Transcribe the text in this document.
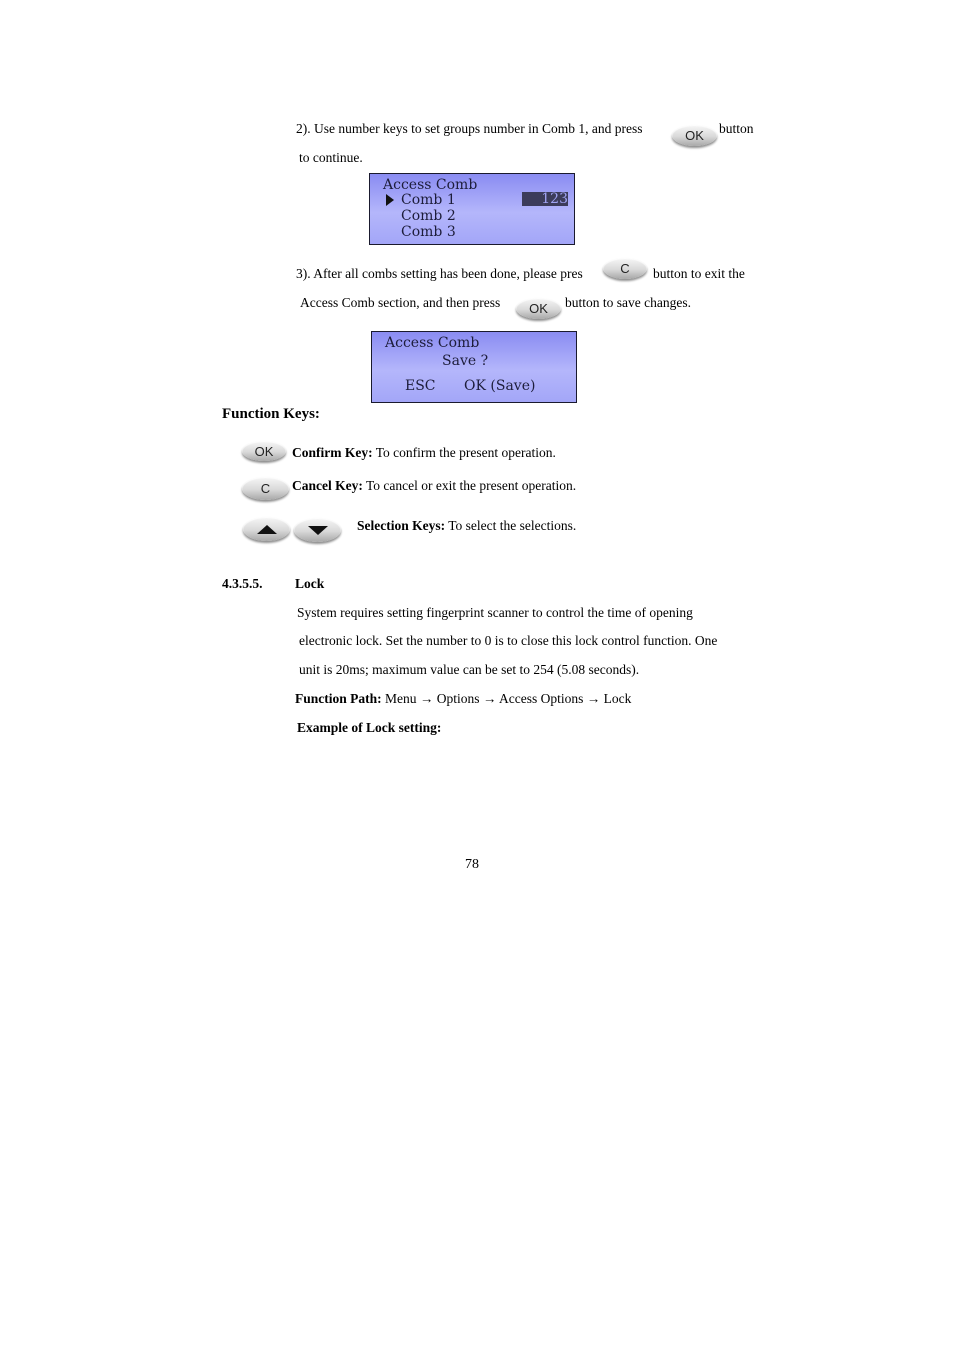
2). Use number keys to set groups number in Comb 1, and press	OK button
to continue.
Access Comb
Comb 1
Comb 2
Comb 3
123
3). After all combs setting has been done, please pres	C button to exit the
Access Comb section, and then press OK button to save changes.
Access Comb
Save ?
ESC OK (Save)
Function Keys:
OK Confirm Key: To confirm the present operation.
C Cancel Key: To cancel or exit the present operation.
Selection Keys: To select the selections.
4.3.5.5. Lock
System requires setting fingerprint scanner to control the time of opening
electronic lock. Set the number to 0 is to close this lock control function. One
unit is 20ms; maximum value can be set to 254 (5.08 seconds).
Function Path: Menu → Options → Access Options → Lock
Example of Lock setting:
78
